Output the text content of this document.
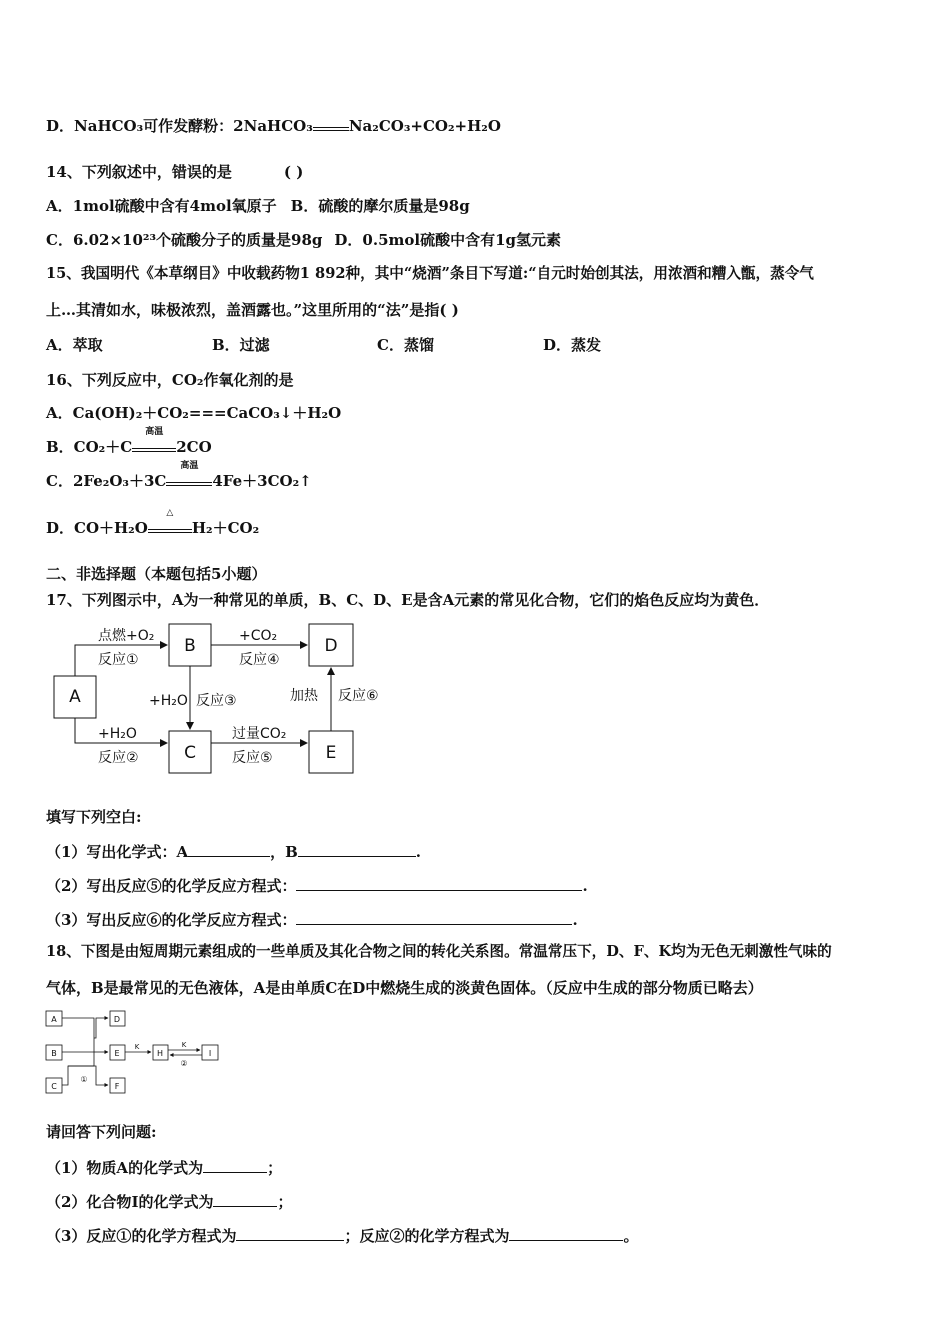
D．NaHCO₃可作发酵粉：2NaHCO₃ Na₂CO₃+CO₂+H₂O
14、下列叙述中，错误的是	( )
A．1mol硫酸中含有4mol氧原子 B．硫酸的摩尔质量是98g
C．6.02×10²³个硫酸分子的质量是98g D．0.5mol硫酸中含有1g氢元素
15、我国明代《本草纲目》中收载药物1 892种，其中“烧酒”条目下写道:“自元时始创其法，用浓酒和糟入甑，蒸令气
上…其清如水，味极浓烈，盖酒露也。”这里所用的“法”是指( )
A．萃取	B．过滤	C．蒸馏	D．蒸发
16、下列反应中，CO₂作氧化剂的是
A．Ca(OH)₂＋CO₂===CaCO₃↓＋H₂O
B．CO₂＋C
高温
2CO
C．2Fe₂O₃＋3C
高温
4Fe＋3CO₂↑
D．CO＋H₂O
△
H₂＋CO₂
二、非选择题（本题包括5小题）
17、下列图示中，A为一种常见的单质，B、C、D、E是含A元素的常见化合物，它们的焰色反应均为黄色．
A
B
C
D
E
点燃+O₂
反应①
+H₂O
反应②
+H₂O 反应③
+CO₂
反应④
过量CO₂
反应⑤
加热 反应⑥
填写下列空白:
（1）写出化学式：A	，B	.
（2）写出反应⑤的化学反应方程式：	.
（3）写出反应⑥的化学反应方程式：	.
18、下图是由短周期元素组成的一些单质及其化合物之间的转化关系图。常温常压下，D、F、K均为无色无刺激性气味的
气体，B是最常见的无色液体，A是由单质C在D中燃烧生成的淡黄色固体。（反应中生成的部分物质已略去）
A
B
C
D
E
F
H	I
K	K
①
②
请回答下列问题:
（1）物质A的化学式为	；
（2）化合物I的化学式为	；
（3）反应①的化学方程式为	；反应②的化学方程式为	。
